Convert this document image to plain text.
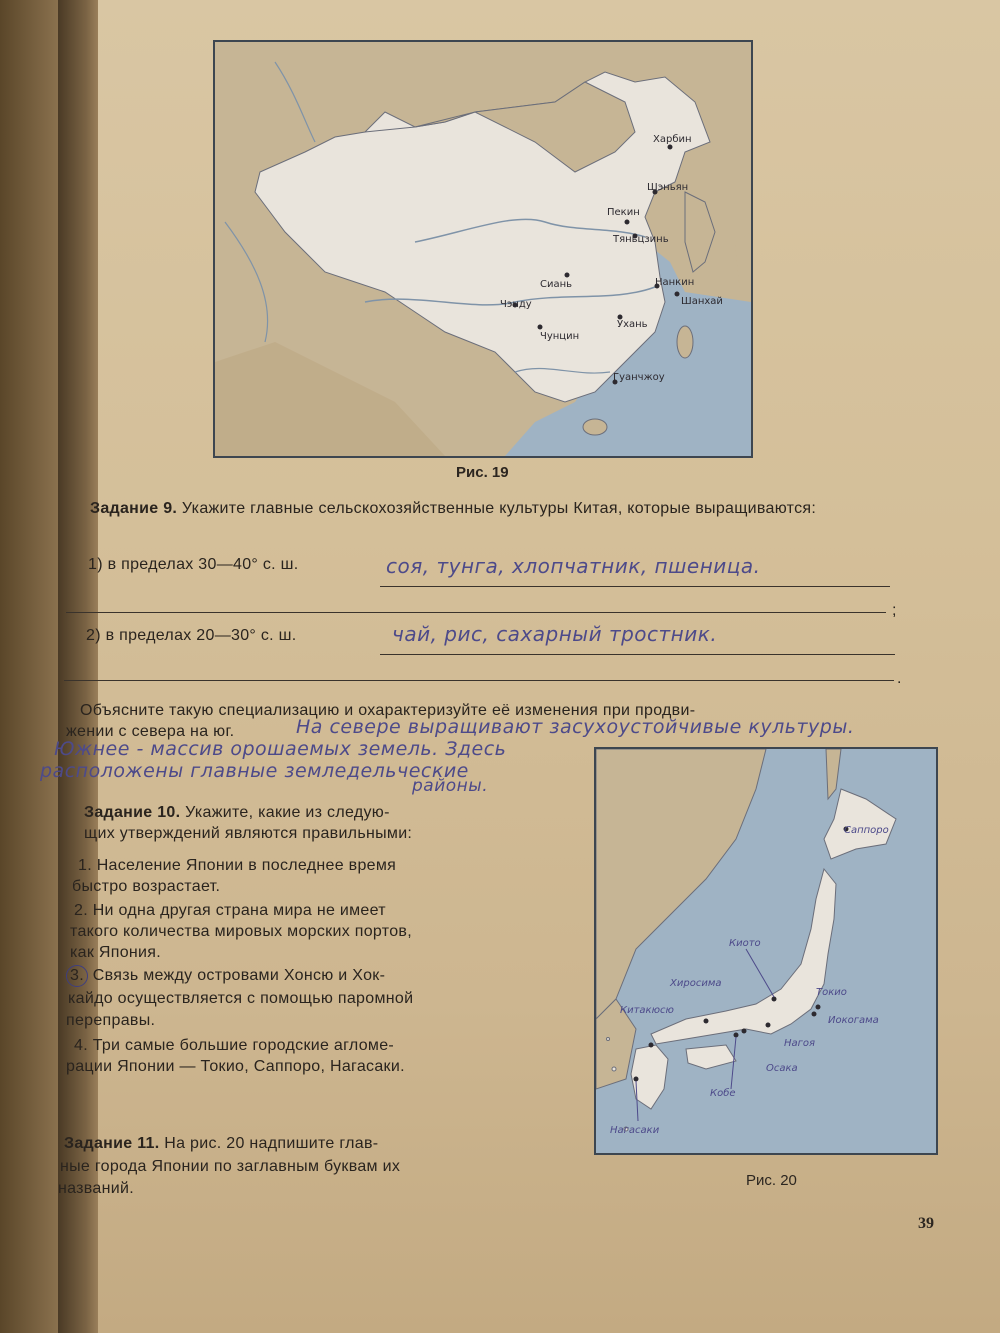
Харбин
Шэньян
Пекин
Тяньцзинь
Сиань
Чэнду
Чунцин
Нанкин
Шанхай
Ухань
Гуанчжоу
Рис. 19
Задание 9. Укажите главные сельскохозяйственные культуры Китая, которые выращиваются:
1) в пределах 30—40° с. ш.	соя, тунга, хлопчатник, пшеница.
;
2) в пределах 20—30° с. ш.	чай, рис, сахарный тростник.
.
Объясните такую специализацию и охарактеризуйте её изменения при продви-
жении с севера на юг.	На севере выращивают засухоустойчивые культуры.
Южнее - массив орошаемых земель. Здесь
расположены главные земледельческие
районы.
Задание 10. Укажите, какие из следую-
щих утверждений являются правильными:
1. Население Японии в последнее время
быстро возрастает.
2. Ни одна другая страна мира не имеет
такого количества мировых морских портов,
как Япония.
3. Связь между островами Хонсю и Хок-
кайдо осуществляется с помощью паромной
переправы.
4. Три самые большие городские агломе-
рации Японии — Токио, Саппоро, Нагасаки.
Задание 11. На рис. 20 надпишите глав-
ные города Японии по заглавным буквам их
названий.
Саппоро
Киото
Хиросима
Токио
Китакюсю
Иокогама
Нагоя
Осака
Кобе
Нагасаки
Рис. 20
39
